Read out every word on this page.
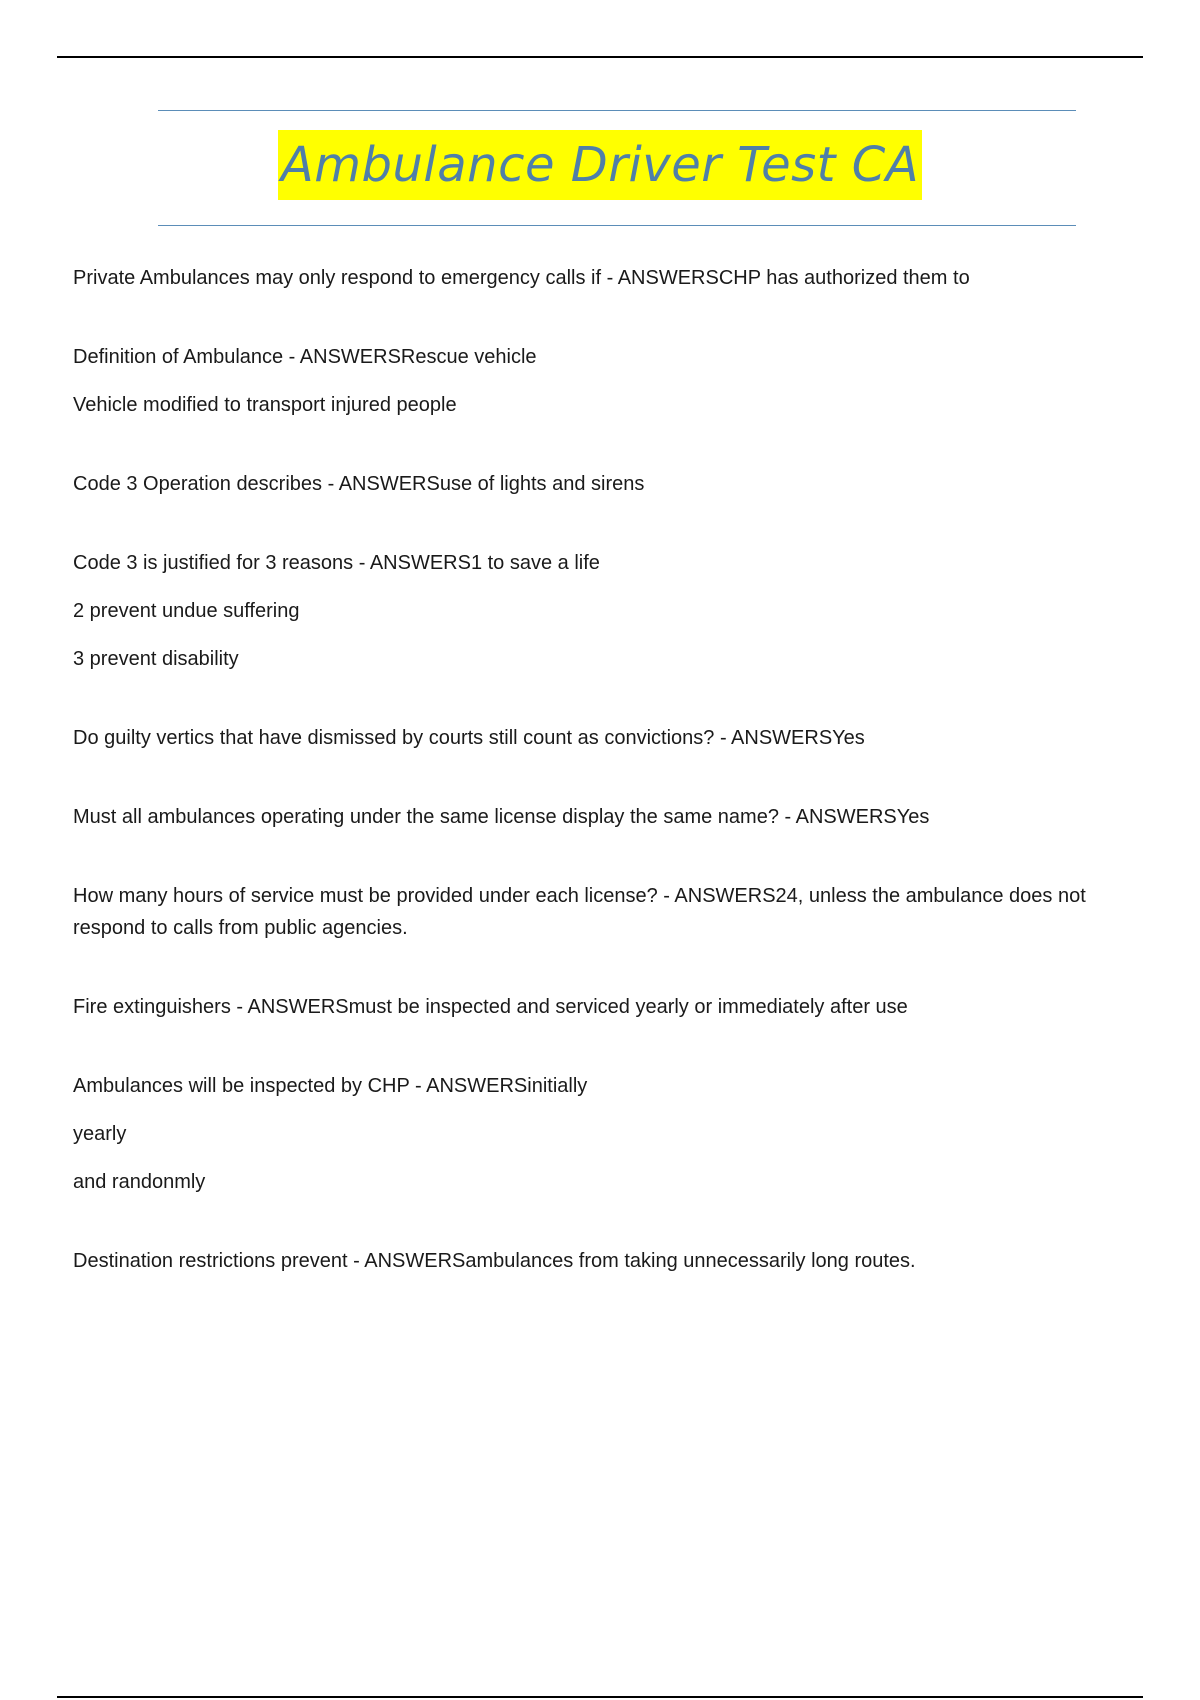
Ambulance Driver Test CA
Private Ambulances may only respond to emergency calls if - ANSWERSCHP has authorized them to
Definition of Ambulance - ANSWERSRescue vehicle
Vehicle modified to transport injured people
Code 3 Operation describes - ANSWERSuse of lights and sirens
Code 3 is justified for 3 reasons - ANSWERS1 to save a life
2 prevent undue suffering
3 prevent disability
Do guilty vertics that have dismissed by courts still count as convictions? - ANSWERSYes
Must all ambulances operating under the same license display the same name? - ANSWERSYes
How many hours of service must be provided under each license? - ANSWERS24, unless the ambulance does not respond to calls from public agencies.
Fire extinguishers - ANSWERSmust be inspected and serviced yearly or immediately after use
Ambulances will be inspected by CHP - ANSWERSinitially
yearly
and randonmly
Destination restrictions prevent - ANSWERSambulances from taking unnecessarily long routes.
